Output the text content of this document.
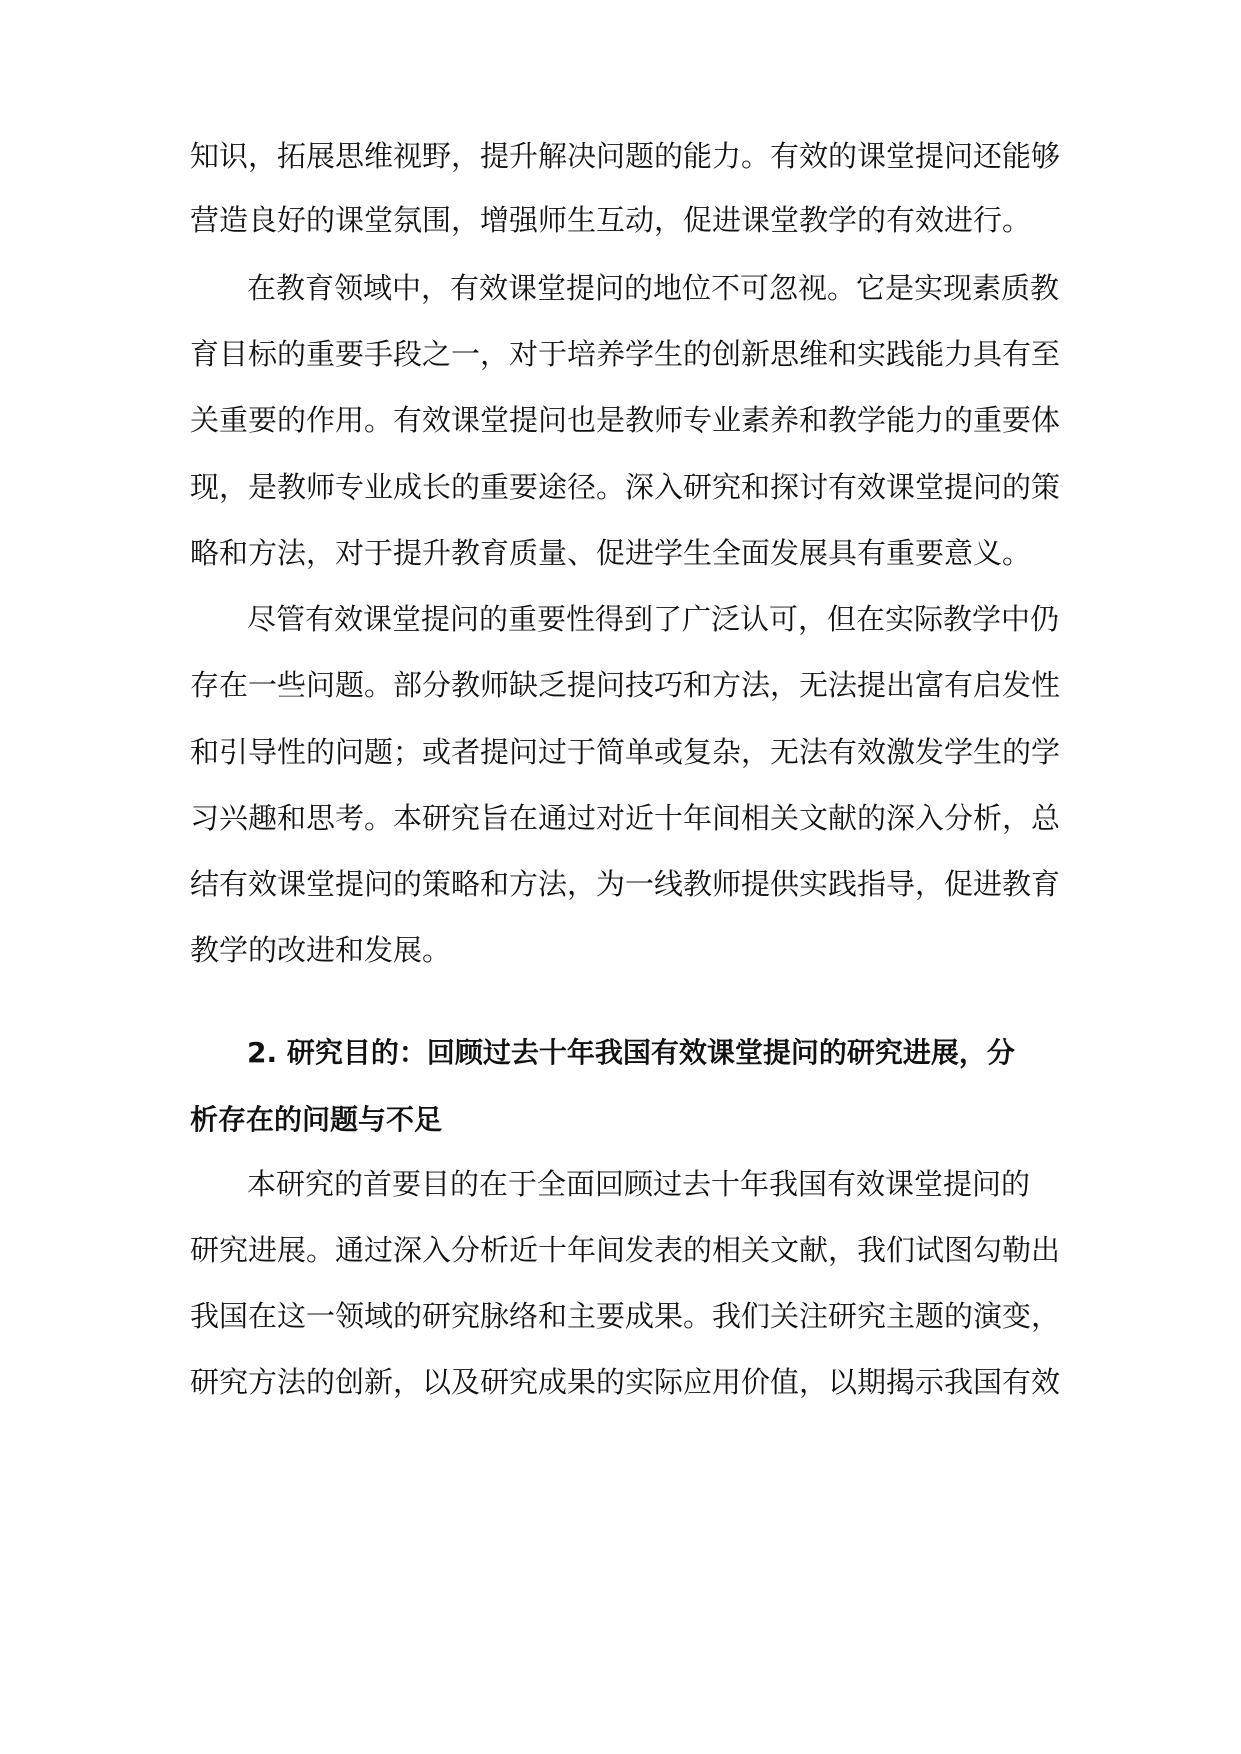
知识，拓展思维视野，提升解决问题的能力。有效的课堂提问还能够
营造良好的课堂氛围，增强师生互动，促进课堂教学的有效进行。
在教育领域中，有效课堂提问的地位不可忽视。它是实现素质教
育目标的重要手段之一，对于培养学生的创新思维和实践能力具有至
关重要的作用。有效课堂提问也是教师专业素养和教学能力的重要体
现，是教师专业成长的重要途径。深入研究和探讨有效课堂提问的策
略和方法，对于提升教育质量、促进学生全面发展具有重要意义。
尽管有效课堂提问的重要性得到了广泛认可，但在实际教学中仍
存在一些问题。部分教师缺乏提问技巧和方法，无法提出富有启发性
和引导性的问题；或者提问过于简单或复杂，无法有效激发学生的学
习兴趣和思考。本研究旨在通过对近十年间相关文献的深入分析，总
结有效课堂提问的策略和方法，为一线教师提供实践指导，促进教育
教学的改进和发展。
2. 研究目的：回顾过去十年我国有效课堂提问的研究进展，分
析存在的问题与不足
本研究的首要目的在于全面回顾过去十年我国有效课堂提问的
研究进展。通过深入分析近十年间发表的相关文献，我们试图勾勒出
我国在这一领域的研究脉络和主要成果。我们关注研究主题的演变，
研究方法的创新，以及研究成果的实际应用价值，以期揭示我国有效
